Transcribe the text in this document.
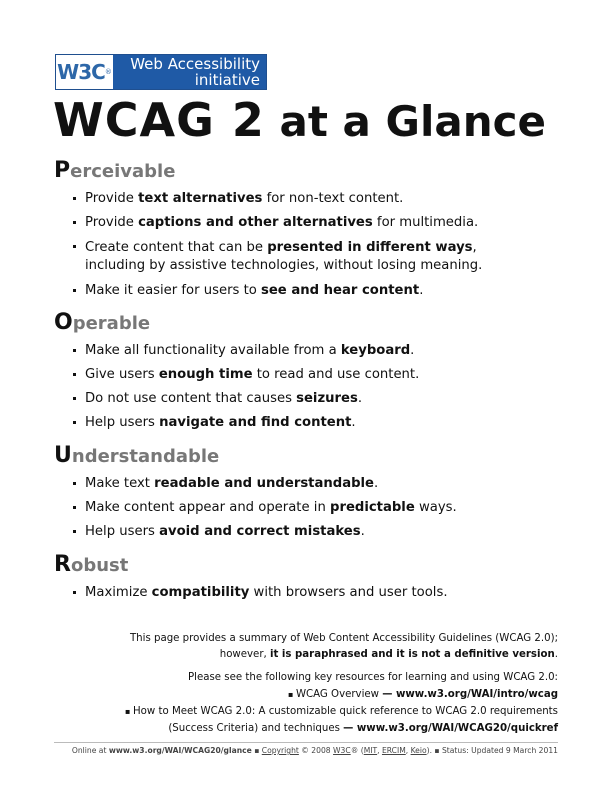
W3C ®	Web Accessibility
initiative
WCAG 2 at a Glance
Perceivable
Provide text alternatives for non-text content.
Provide captions and other alternatives for multimedia.
Create content that can be presented in different ways,
including by assistive technologies, without losing meaning.
Make it easier for users to see and hear content.
Operable
Make all functionality available from a keyboard.
Give users enough time to read and use content.
Do not use content that causes seizures.
Help users navigate and find content.
Understandable
Make text readable and understandable.
Make content appear and operate in predictable ways.
Help users avoid and correct mistakes.
Robust
Maximize compatibility with browsers and user tools.
This page provides a summary of Web Content Accessibility Guidelines (WCAG 2.0);
however, it is paraphrased and it is not a definitive version.
Please see the following key resources for learning and using WCAG 2.0:
▪ WCAG Overview — www.w3.org/WAI/intro/wcag
▪ How to Meet WCAG 2.0: A customizable quick reference to WCAG 2.0 requirements
(Success Criteria) and techniques — www.w3.org/WAI/WCAG20/quickref
Online at www.w3.org/WAI/WCAG20/glance ▪ Copyright © 2008 W3C® (MIT, ERCIM, Keio). ▪ Status: Updated 9 March 2011
